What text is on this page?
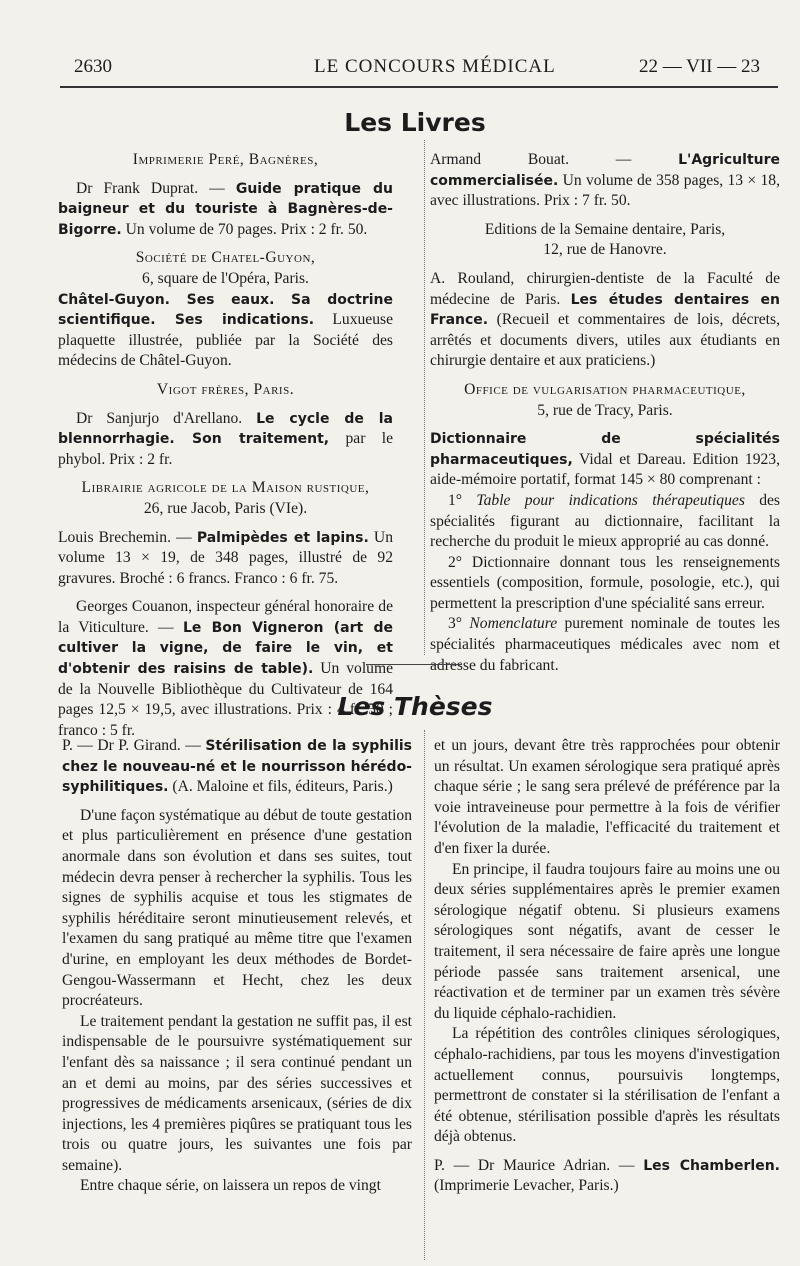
2630	LE CONCOURS MÉDICAL	22 — VII — 23
Les Livres

Imprimerie Peré, Bagnères,

Dr Frank Duprat. — Guide pratique du baigneur et du touriste à Bagnères-de-Bigorre. Un volume de 70 pages. Prix : 2 fr. 50.

Société de Chatel-Guyon,

6, square de l'Opéra, Paris.

Châtel-Guyon. Ses eaux. Sa doctrine scientifique. Ses indications. Luxueuse plaquette illustrée, publiée par la Société des médecins de Châtel-Guyon.

Vigot frères, Paris.

Dr Sanjurjo d'Arellano. Le cycle de la blennorrhagie. Son traitement, par le phybol. Prix : 2 fr.

Librairie agricole de la Maison rustique,

26, rue Jacob, Paris (VIe).

Louis Brechemin. — Palmipèdes et lapins. Un volume 13 × 19, de 348 pages, illustré de 92 gravures. Broché : 6 francs. Franco : 6 fr. 75.

Georges Couanon, inspecteur général honoraire de la Viticulture. — Le Bon Vigneron (art de cultiver la vigne, de faire le vin, et d'obtenir des raisins de table). Un volume de la Nouvelle Bibliothèque du Cultivateur de 164 pages 12,5 × 19,5, avec illustrations. Prix : 4 fr. 50 ; franco : 5 fr.

Armand Bouat. — L'Agriculture commercialisée. Un volume de 358 pages, 13 × 18, avec illustrations. Prix : 7 fr. 50.

Editions de la Semaine dentaire, Paris,

12, rue de Hanovre.

A. Rouland, chirurgien-dentiste de la Faculté de médecine de Paris. Les études dentaires en France. (Recueil et commentaires de lois, décrets, arrêtés et documents divers, utiles aux étudiants en chirurgie dentaire et aux praticiens.)

Office de vulgarisation pharmaceutique,

5, rue de Tracy, Paris.

Dictionnaire de spécialités pharmaceutiques, Vidal et Dareau. Edition 1923, aide-mémoire portatif, format 145 × 80 comprenant :

1° Table pour indications thérapeutiques des spécialités figurant au dictionnaire, facilitant la recherche du produit le mieux approprié au cas donné.

2° Dictionnaire donnant tous les renseignements essentiels (composition, formule, posologie, etc.), qui permettent la prescription d'une spécialité sans erreur.

3° Nomenclature purement nominale de toutes les spécialités pharmaceutiques médicales avec nom et adresse du fabricant.

Les Thèses

P. — Dr P. Girand. — Stérilisation de la syphilis chez le nouveau-né et le nourrisson hérédo-syphilitiques. (A. Maloine et fils, éditeurs, Paris.)

D'une façon systématique au début de toute gestation et plus particulièrement en présence d'une gestation anormale dans son évolution et dans ses suites, tout médecin devra penser à rechercher la syphilis. Tous les signes de syphilis acquise et tous les stigmates de syphilis héréditaire seront minutieusement relevés, et l'examen du sang pratiqué au même titre que l'examen d'urine, en employant les deux méthodes de Bordet-Gengou-Wassermann et Hecht, chez les deux procréateurs.

Le traitement pendant la gestation ne suffit pas, il est indispensable de le poursuivre systématiquement sur l'enfant dès sa naissance ; il sera continué pendant un an et demi au moins, par des séries successives et progressives de médicaments arsenicaux, (séries de dix injections, les 4 premières piqûres se pratiquant tous les trois ou quatre jours, les suivantes une fois par semaine).

Entre chaque série, on laissera un repos de vingt

et un jours, devant être très rapprochées pour obtenir un résultat. Un examen sérologique sera pratiqué après chaque série ; le sang sera prélevé de préférence par la voie intraveineuse pour permettre à la fois de vérifier l'évolution de la maladie, l'efficacité du traitement et d'en fixer la durée.

En principe, il faudra toujours faire au moins une ou deux séries supplémentaires après le premier examen sérologique négatif obtenu. Si plusieurs examens sérologiques sont négatifs, avant de cesser le traitement, il sera nécessaire de faire après une longue période passée sans traitement arsenical, une réactivation et de terminer par un examen très sévère du liquide céphalo-rachidien.

La répétition des contrôles cliniques sérologiques, céphalo-rachidiens, par tous les moyens d'investigation actuellement connus, poursuivis longtemps, permettront de constater si la stérilisation de l'enfant a été obtenue, stérilisation possible d'après les résultats déjà obtenus.

P. — Dr Maurice Adrian. — Les Chamberlen. (Imprimerie Levacher, Paris.)
